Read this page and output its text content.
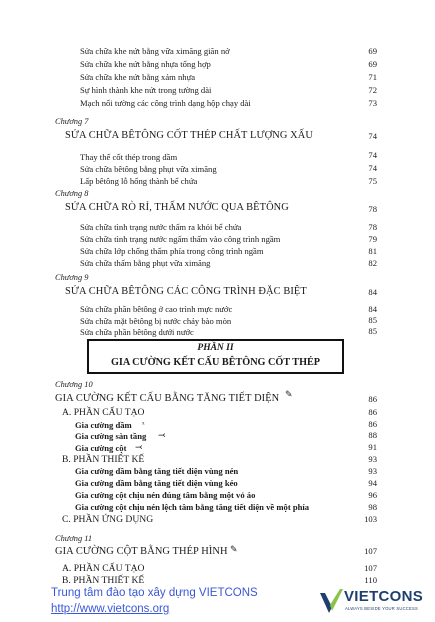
Sửa chữa khe nứt bằng vữa ximăng giãn nở	69
Sửa chữa khe nứt bằng nhựa tổng hợp	69
Sửa chữa khe nứt bằng xảm nhựa	71
Sự hình thành khe nứt trong tường dài	72
Mạch nối tường các công trình dạng hộp chạy dài	73
Chương 7
SỬA CHỮA BÊTÔNG CỐT THÉP CHẤT LƯỢNG XẤU	74
Thay thế cốt thép trong dầm	74
Sửa chữa bêtông bằng phụt vữa ximăng	74
Lấp bêtông lỗ hổng thành bể chứa	75
Chương 8
SỬA CHỮA RÒ RỈ, THẤM NƯỚC QUA BÊTÔNG	78
Sửa chữa tình trạng nước thấm ra khỏi bể chứa	78
Sửa chữa tình trạng nước ngấm thấm vào công trình ngầm	79
Sửa chữa lớp chống thấm phía trong công trình ngầm	81
Sửa chữa thấm bằng phụt vữa ximăng	82
Chương 9
SỬA CHỮA BÊTÔNG CÁC CÔNG TRÌNH ĐẶC BIỆT	84
Sửa chữa phần bêtông ở cao trình mực nước	84
Sửa chữa mặt bêtông bị nước chảy bào mòn	85
Sửa chữa phần bêtông dưới nước	85
PHẦN II
GIA CƯỜNG KẾT CẤU BÊTÔNG CỐT THÉP
Chương 10
GIA CƯỜNG KẾT CẤU BẰNG TĂNG TIẾT DIỆN ✎	86
A. PHẦN CẤU TẠO	86
Gia cường dầm ˣ	86
Gia cường sàn tầng ⤙	88
Gia cường cột ⤙	91
B. PHẦN THIẾT KẾ	93
Gia cường dầm bằng tăng tiết diện vùng nén	93
Gia cường dầm bằng tăng tiết diện vùng kéo	94
Gia cường cột chịu nén đúng tâm bằng một vỏ áo	96
Gia cường cột chịu nén lệch tâm bằng tăng tiết diện về một phía	98
C. PHẦN ỨNG DỤNG	103
Chương 11
GIA CƯỜNG CỘT BẰNG THÉP HÌNH ✎	107
A. PHẦN CẤU TẠO	107
B. PHẦN THIẾT KẾ	110
Trung tâm đào tạo xây dựng VIETCONS
http://www.vietcons.org
VIETCONS
ALWAYS BESIDE YOUR SUCCESS
